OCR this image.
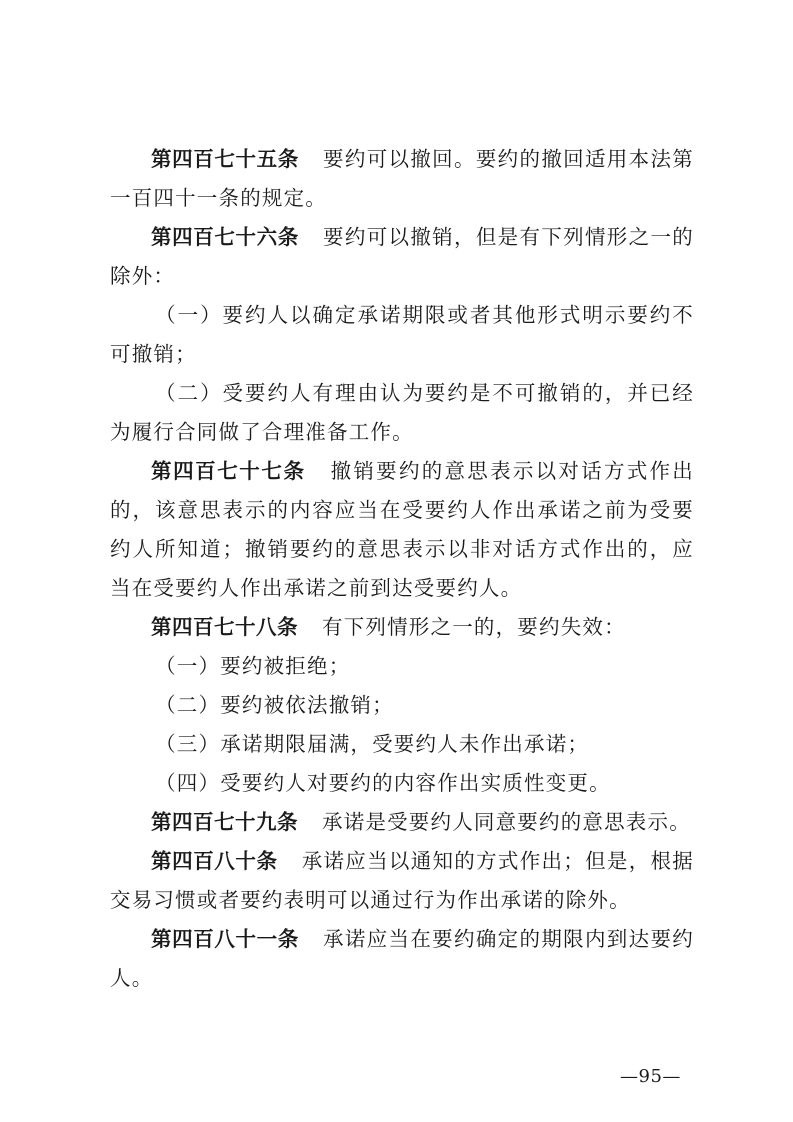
第四百七十五条 要约可以撤回。要约的撤回适用本法第一百四十一条的规定。

第四百七十六条 要约可以撤销，但是有下列情形之一的除外：

（一）要约人以确定承诺期限或者其他形式明示要约不可撤销；

（二）受要约人有理由认为要约是不可撤销的，并已经为履行合同做了合理准备工作。

第四百七十七条 撤销要约的意思表示以对话方式作出的，该意思表示的内容应当在受要约人作出承诺之前为受要约人所知道；撤销要约的意思表示以非对话方式作出的，应当在受要约人作出承诺之前到达受要约人。

第四百七十八条 有下列情形之一的，要约失效：

（一）要约被拒绝；

（二）要约被依法撤销；

（三）承诺期限届满，受要约人未作出承诺；

（四）受要约人对要约的内容作出实质性变更。

第四百七十九条 承诺是受要约人同意要约的意思表示。

第四百八十条 承诺应当以通知的方式作出；但是，根据交易习惯或者要约表明可以通过行为作出承诺的除外。

第四百八十一条 承诺应当在要约确定的期限内到达要约人。

—95—
